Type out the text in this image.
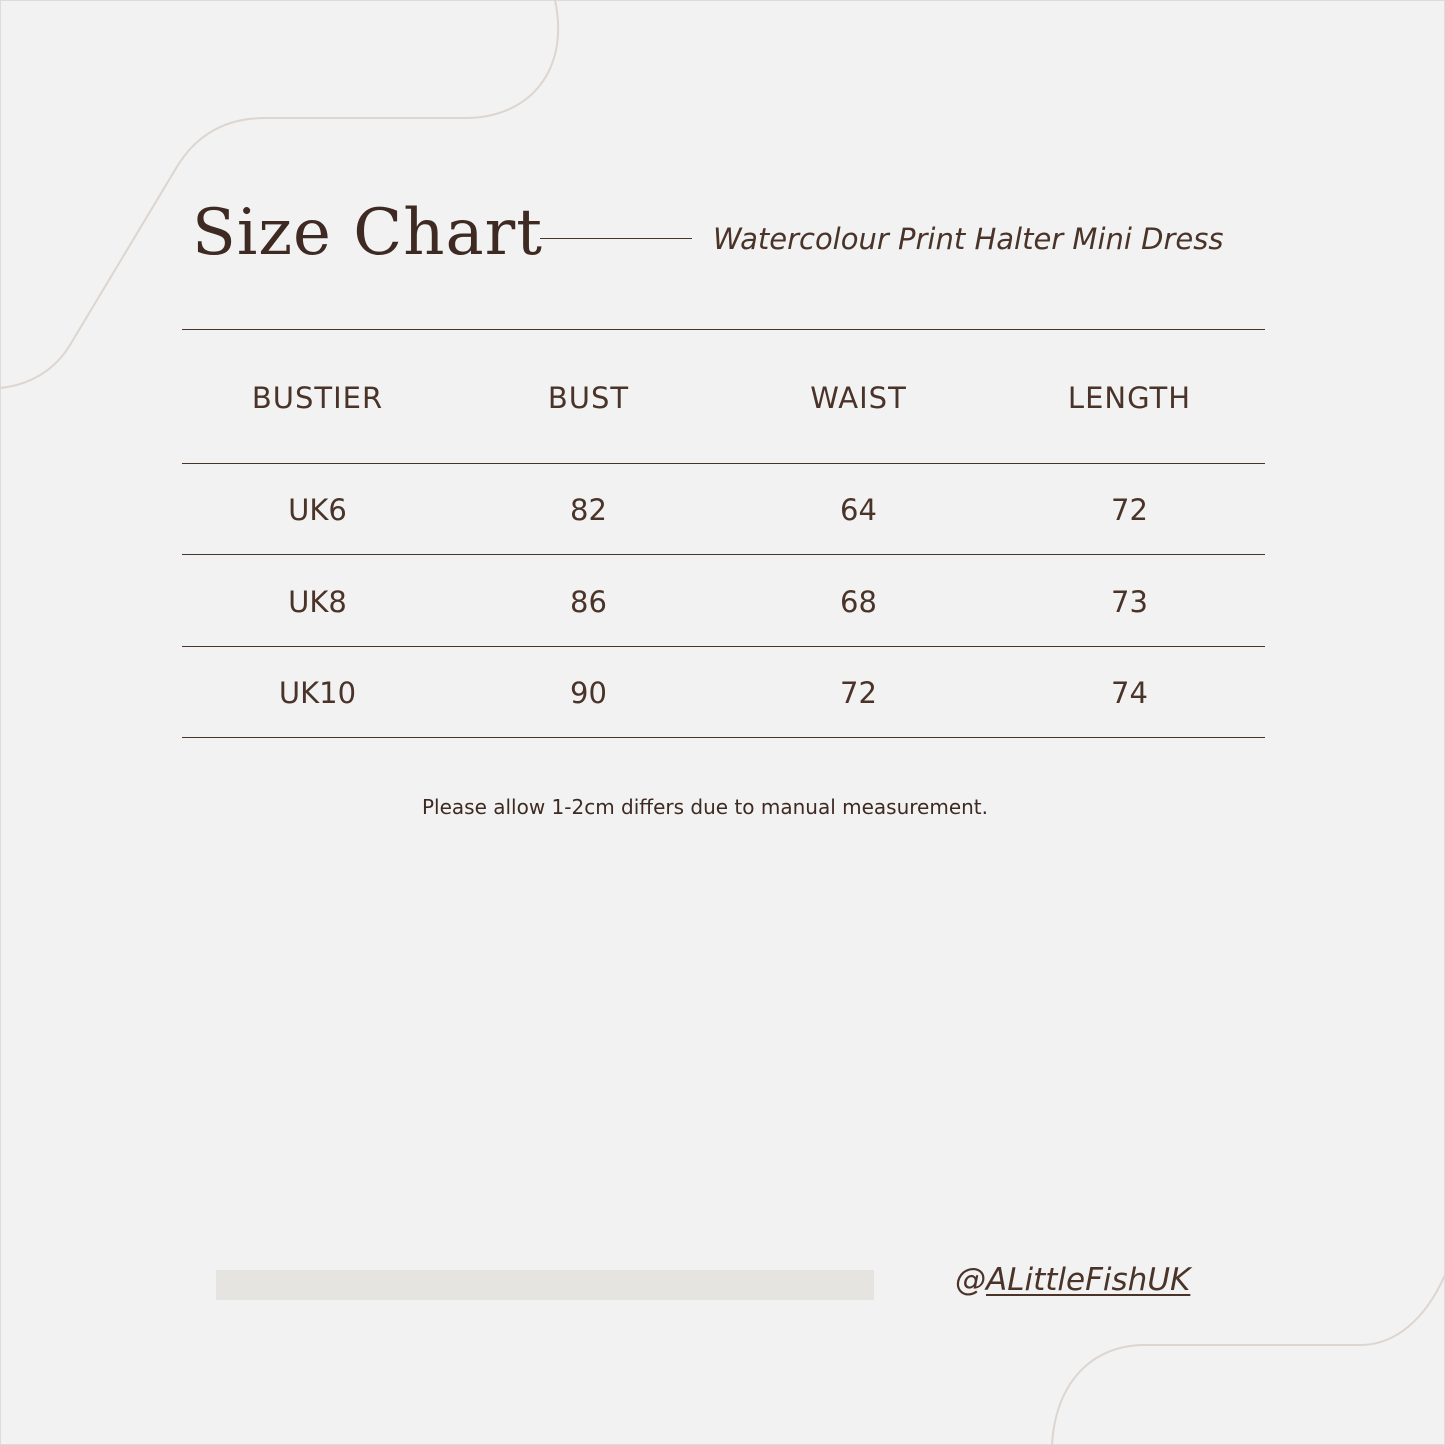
Size Chart	Watercolour Print Halter Mini Dress
BUSTIER	BUST	WAIST	LENGTH
UK6	82	64	72
UK8	86	68	73
UK10	90	72	74
Please allow 1-2cm differs due to manual measurement.
@ALittleFishUK
